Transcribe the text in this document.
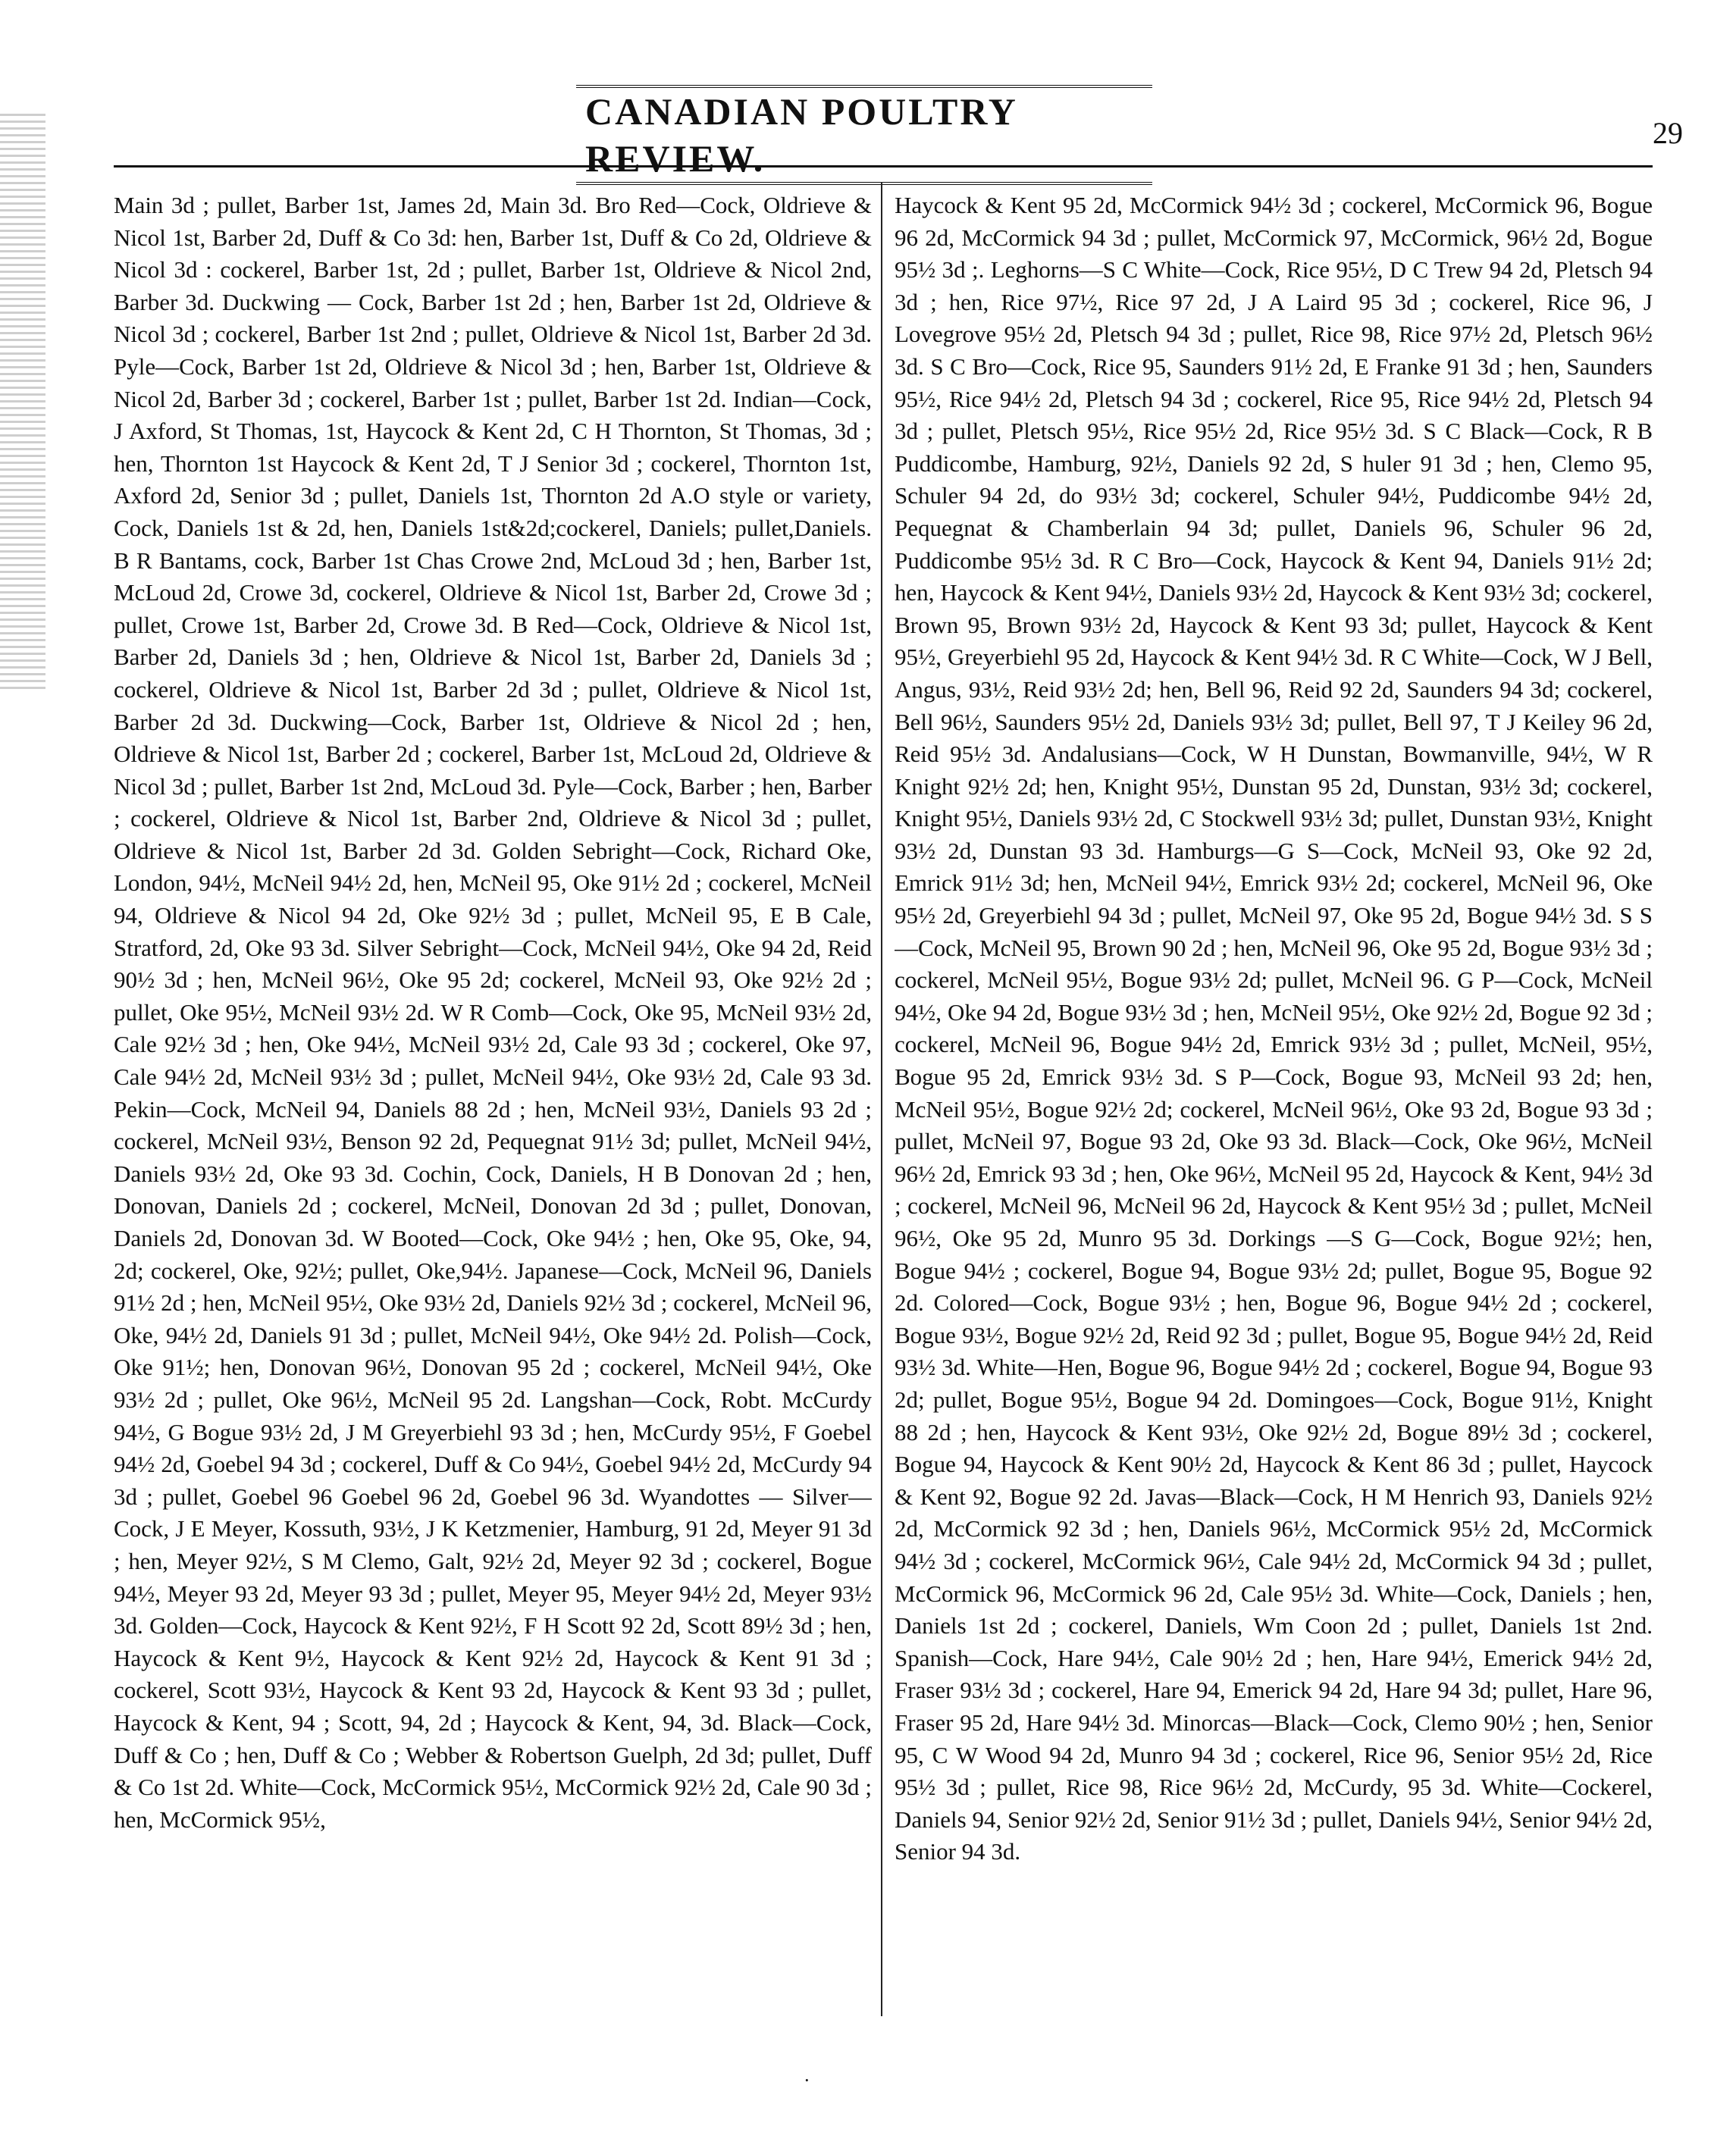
CANADIAN POULTRY REVIEW.
29
Main 3d ; pullet, Barber 1st, James 2d, Main 3d. Bro Red—Cock, Oldrieve & Nicol 1st, Barber 2d, Duff & Co 3d: hen, Barber 1st, Duff & Co 2d, Oldrieve & Nicol 3d : cockerel, Barber 1st, 2d ; pullet, Barber 1st, Oldrieve & Nicol 2nd, Barber 3d. Duckwing — Cock, Barber 1st 2d ; hen, Barber 1st 2d, Oldrieve & Nicol 3d ; cockerel, Barber 1st 2nd ; pullet, Oldrieve & Nicol 1st, Barber 2d 3d. Pyle—Cock, Barber 1st 2d, Oldrieve & Nicol 3d ; hen, Barber 1st, Oldrieve & Nicol 2d, Barber 3d ; cockerel, Barber 1st ; pullet, Barber 1st 2d. Indian—Cock, J Axford, St Thomas, 1st, Haycock & Kent 2d, C H Thornton, St Thomas, 3d ; hen, Thornton 1st Haycock & Kent 2d, T J Senior 3d ; cockerel, Thornton 1st, Axford 2d, Senior 3d ; pullet, Daniels 1st, Thornton 2d A.O style or variety, Cock, Daniels 1st & 2d, hen, Daniels 1st&2d;cockerel, Daniels; pullet,Daniels. B R Bantams, cock, Barber 1st Chas Crowe 2nd, McLoud 3d ; hen, Barber 1st, McLoud 2d, Crowe 3d, cockerel, Oldrieve & Nicol 1st, Barber 2d, Crowe 3d ; pullet, Crowe 1st, Barber 2d, Crowe 3d. B Red—Cock, Oldrieve & Nicol 1st, Barber 2d, Daniels 3d ; hen, Oldrieve & Nicol 1st, Barber 2d, Daniels 3d ; cockerel, Oldrieve & Nicol 1st, Barber 2d 3d ; pullet, Oldrieve & Nicol 1st, Barber 2d 3d. Duckwing—Cock, Barber 1st, Oldrieve & Nicol 2d ; hen, Oldrieve & Nicol 1st, Barber 2d ; cockerel, Barber 1st, McLoud 2d, Oldrieve & Nicol 3d ; pullet, Barber 1st 2nd, McLoud 3d. Pyle—Cock, Barber ; hen, Barber ; cockerel, Oldrieve & Nicol 1st, Barber 2nd, Oldrieve & Nicol 3d ; pullet, Oldrieve & Nicol 1st, Barber 2d 3d. Golden Sebright—Cock, Richard Oke, London, 94½, McNeil 94½ 2d, hen, McNeil 95, Oke 91½ 2d ; cockerel, McNeil 94, Oldrieve & Nicol 94 2d, Oke 92½ 3d ; pullet, McNeil 95, E B Cale, Stratford, 2d, Oke 93 3d. Silver Sebright—Cock, McNeil 94½, Oke 94 2d, Reid 90½ 3d ; hen, McNeil 96½, Oke 95 2d; cockerel, McNeil 93, Oke 92½ 2d ; pullet, Oke 95½, McNeil 93½ 2d. W R Comb—Cock, Oke 95, McNeil 93½ 2d, Cale 92½ 3d ; hen, Oke 94½, McNeil 93½ 2d, Cale 93 3d ; cockerel, Oke 97, Cale 94½ 2d, McNeil 93½ 3d ; pullet, McNeil 94½, Oke 93½ 2d, Cale 93 3d. Pekin—Cock, McNeil 94, Daniels 88 2d ; hen, McNeil 93½, Daniels 93 2d ; cockerel, McNeil 93½, Benson 92 2d, Pequegnat 91½ 3d; pullet, McNeil 94½, Daniels 93½ 2d, Oke 93 3d. Cochin, Cock, Daniels, H B Donovan 2d ; hen, Donovan, Daniels 2d ; cockerel, McNeil, Donovan 2d 3d ; pullet, Donovan, Daniels 2d, Donovan 3d. W Booted—Cock, Oke 94½ ; hen, Oke 95, Oke, 94, 2d; cockerel, Oke, 92½; pullet, Oke,94½. Japanese—Cock, McNeil 96, Daniels 91½ 2d ; hen, McNeil 95½, Oke 93½ 2d, Daniels 92½ 3d ; cockerel, McNeil 96, Oke, 94½ 2d, Daniels 91 3d ; pullet, McNeil 94½, Oke 94½ 2d. Polish—Cock, Oke 91½; hen, Donovan 96½, Donovan 95 2d ; cockerel, McNeil 94½, Oke 93½ 2d ; pullet, Oke 96½, McNeil 95 2d. Langshan—Cock, Robt. McCurdy 94½, G Bogue 93½ 2d, J M Greyerbiehl 93 3d ; hen, McCurdy 95½, F Goebel 94½ 2d, Goebel 94 3d ; cockerel, Duff & Co 94½, Goebel 94½ 2d, McCurdy 94 3d ; pullet, Goebel 96 Goebel 96 2d, Goebel 96 3d. Wyandottes — Silver—Cock, J E Meyer, Kossuth, 93½, J K Ketzmenier, Hamburg, 91 2d, Meyer 91 3d ; hen, Meyer 92½, S M Clemo, Galt, 92½ 2d, Meyer 92 3d ; cockerel, Bogue 94½, Meyer 93 2d, Meyer 93 3d ; pullet, Meyer 95, Meyer 94½ 2d, Meyer 93½ 3d. Golden—Cock, Haycock & Kent 92½, F H Scott 92 2d, Scott 89½ 3d ; hen, Haycock & Kent 9½, Haycock & Kent 92½ 2d, Haycock & Kent 91 3d ; cockerel, Scott 93½, Haycock & Kent 93 2d, Haycock & Kent 93 3d ; pullet, Haycock & Kent, 94 ; Scott, 94, 2d ; Haycock & Kent, 94, 3d. Black—Cock, Duff & Co ; hen, Duff & Co ; Webber & Robertson Guelph, 2d 3d; pullet, Duff & Co 1st 2d. White—Cock, McCormick 95½, McCormick 92½ 2d, Cale 90 3d ; hen, McCormick 95½,
Haycock & Kent 95 2d, McCormick 94½ 3d ; cockerel, McCormick 96, Bogue 96 2d, McCormick 94 3d ; pullet, McCormick 97, McCormick, 96½ 2d, Bogue 95½ 3d ;. Leghorns—S C White—Cock, Rice 95½, D C Trew 94 2d, Pletsch 94 3d ; hen, Rice 97½, Rice 97 2d, J A Laird 95 3d ; cockerel, Rice 96, J Lovegrove 95½ 2d, Pletsch 94 3d ; pullet, Rice 98, Rice 97½ 2d, Pletsch 96½ 3d. S C Bro—Cock, Rice 95, Saunders 91½ 2d, E Franke 91 3d ; hen, Saunders 95½, Rice 94½ 2d, Pletsch 94 3d ; cockerel, Rice 95, Rice 94½ 2d, Pletsch 94 3d ; pullet, Pletsch 95½, Rice 95½ 2d, Rice 95½ 3d. S C Black—Cock, R B Puddicombe, Hamburg, 92½, Daniels 92 2d, S huler 91 3d ; hen, Clemo 95, Schuler 94 2d, do 93½ 3d; cockerel, Schuler 94½, Puddicombe 94½ 2d, Pequegnat & Chamberlain 94 3d; pullet, Daniels 96, Schuler 96 2d, Puddicombe 95½ 3d. R C Bro—Cock, Haycock & Kent 94, Daniels 91½ 2d; hen, Haycock & Kent 94½, Daniels 93½ 2d, Haycock & Kent 93½ 3d; cockerel, Brown 95, Brown 93½ 2d, Haycock & Kent 93 3d; pullet, Haycock & Kent 95½, Greyerbiehl 95 2d, Haycock & Kent 94½ 3d. R C White—Cock, W J Bell, Angus, 93½, Reid 93½ 2d; hen, Bell 96, Reid 92 2d, Saunders 94 3d; cockerel, Bell 96½, Saunders 95½ 2d, Daniels 93½ 3d; pullet, Bell 97, T J Keiley 96 2d, Reid 95½ 3d. Andalusians—Cock, W H Dunstan, Bowmanville, 94½, W R Knight 92½ 2d; hen, Knight 95½, Dunstan 95 2d, Dunstan, 93½ 3d; cockerel, Knight 95½, Daniels 93½ 2d, C Stockwell 93½ 3d; pullet, Dunstan 93½, Knight 93½ 2d, Dunstan 93 3d. Hamburgs—G S—Cock, McNeil 93, Oke 92 2d, Emrick 91½ 3d; hen, McNeil 94½, Emrick 93½ 2d; cockerel, McNeil 96, Oke 95½ 2d, Greyerbiehl 94 3d ; pullet, McNeil 97, Oke 95 2d, Bogue 94½ 3d. S S—Cock, McNeil 95, Brown 90 2d ; hen, McNeil 96, Oke 95 2d, Bogue 93½ 3d ; cockerel, McNeil 95½, Bogue 93½ 2d; pullet, McNeil 96. G P—Cock, McNeil 94½, Oke 94 2d, Bogue 93½ 3d ; hen, McNeil 95½, Oke 92½ 2d, Bogue 92 3d ; cockerel, McNeil 96, Bogue 94½ 2d, Emrick 93½ 3d ; pullet, McNeil, 95½, Bogue 95 2d, Emrick 93½ 3d. S P—Cock, Bogue 93, McNeil 93 2d; hen, McNeil 95½, Bogue 92½ 2d; cockerel, McNeil 96½, Oke 93 2d, Bogue 93 3d ; pullet, McNeil 97, Bogue 93 2d, Oke 93 3d. Black—Cock, Oke 96½, McNeil 96½ 2d, Emrick 93 3d ; hen, Oke 96½, McNeil 95 2d, Haycock & Kent, 94½ 3d ; cockerel, McNeil 96, McNeil 96 2d, Haycock & Kent 95½ 3d ; pullet, McNeil 96½, Oke 95 2d, Munro 95 3d. Dorkings —S G—Cock, Bogue 92½; hen, Bogue 94½ ; cockerel, Bogue 94, Bogue 93½ 2d; pullet, Bogue 95, Bogue 92 2d. Colored—Cock, Bogue 93½ ; hen, Bogue 96, Bogue 94½ 2d ; cockerel, Bogue 93½, Bogue 92½ 2d, Reid 92 3d ; pullet, Bogue 95, Bogue 94½ 2d, Reid 93½ 3d. White—Hen, Bogue 96, Bogue 94½ 2d ; cockerel, Bogue 94, Bogue 93 2d; pullet, Bogue 95½, Bogue 94 2d. Domingoes—Cock, Bogue 91½, Knight 88 2d ; hen, Haycock & Kent 93½, Oke 92½ 2d, Bogue 89½ 3d ; cockerel, Bogue 94, Haycock & Kent 90½ 2d, Haycock & Kent 86 3d ; pullet, Haycock & Kent 92, Bogue 92 2d. Javas—Black—Cock, H M Henrich 93, Daniels 92½ 2d, McCormick 92 3d ; hen, Daniels 96½, McCormick 95½ 2d, McCormick 94½ 3d ; cockerel, McCormick 96½, Cale 94½ 2d, McCormick 94 3d ; pullet, McCormick 96, McCormick 96 2d, Cale 95½ 3d. White—Cock, Daniels ; hen, Daniels 1st 2d ; cockerel, Daniels, Wm Coon 2d ; pullet, Daniels 1st 2nd. Spanish—Cock, Hare 94½, Cale 90½ 2d ; hen, Hare 94½, Emerick 94½ 2d, Fraser 93½ 3d ; cockerel, Hare 94, Emerick 94 2d, Hare 94 3d; pullet, Hare 96, Fraser 95 2d, Hare 94½ 3d. Minorcas—Black—Cock, Clemo 90½ ; hen, Senior 95, C W Wood 94 2d, Munro 94 3d ; cockerel, Rice 96, Senior 95½ 2d, Rice 95½ 3d ; pullet, Rice 98, Rice 96½ 2d, McCurdy, 95 3d. White—Cockerel, Daniels 94, Senior 92½ 2d, Senior 91½ 3d ; pullet, Daniels 94½, Senior 94½ 2d, Senior 94 3d.
·
